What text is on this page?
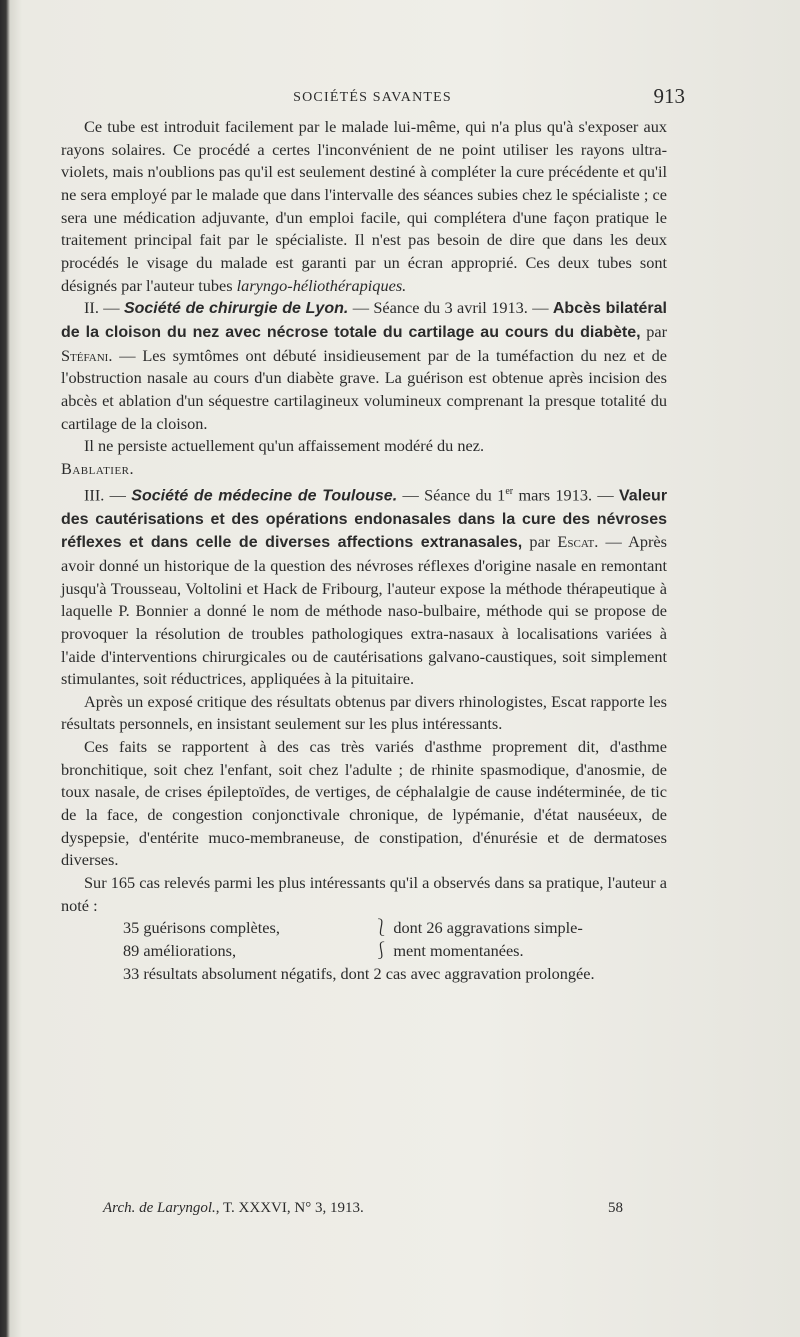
SOCIÉTÉS SAVANTES	913

Ce tube est introduit facilement par le malade lui-même, qui n'a plus qu'à s'exposer aux rayons solaires. Ce procédé a certes l'inconvénient de ne point utiliser les rayons ultra-violets, mais n'oublions pas qu'il est seulement destiné à compléter la cure précédente et qu'il ne sera employé par le malade que dans l'intervalle des séances subies chez le spécialiste ; ce sera une médication adjuvante, d'un emploi facile, qui complétera d'une façon pratique le traitement principal fait par le spécialiste. Il n'est pas besoin de dire que dans les deux procédés le visage du malade est garanti par un écran approprié. Ces deux tubes sont désignés par l'auteur tubes laryngo-héliothérapiques.

II. — Société de chirurgie de Lyon. — Séance du 3 avril 1913. — Abcès bilatéral de la cloison du nez avec nécrose totale du cartilage au cours du diabète, par Stéfani. — Les symtômes ont débuté insidieusement par de la tuméfaction du nez et de l'obstruction nasale au cours d'un diabète grave. La guérison est obtenue après incision des abcès et ablation d'un séquestre cartilagineux volumineux comprenant la presque totalité du cartilage de la cloison.

Il ne persiste actuellement qu'un affaissement modéré du nez.

Bablatier.

III. — Société de médecine de Toulouse. — Séance du 1er mars 1913. — Valeur des cautérisations et des opérations endonasales dans la cure des névroses réflexes et dans celle de diverses affections extranasales, par Escat. — Après avoir donné un historique de la question des névroses réflexes d'origine nasale en remontant jusqu'à Trousseau, Voltolini et Hack de Fribourg, l'auteur expose la méthode thérapeutique à laquelle P. Bonnier a donné le nom de méthode naso-bulbaire, méthode qui se propose de provoquer la résolution de troubles pathologiques extra-nasaux à localisations variées à l'aide d'interventions chirurgicales ou de cautérisations galvano-caustiques, soit simplement stimulantes, soit réductrices, appliquées à la pituitaire.

Après un exposé critique des résultats obtenus par divers rhinologistes, Escat rapporte les résultats personnels, en insistant seulement sur les plus intéressants.

Ces faits se rapportent à des cas très variés d'asthme proprement dit, d'asthme bronchitique, soit chez l'enfant, soit chez l'adulte ; de rhinite spasmodique, d'anosmie, de toux nasale, de crises épileptoïdes, de vertiges, de céphalalgie de cause indéterminée, de tic de la face, de congestion conjonctivale chronique, de lypémanie, d'état nauséeux, de dyspepsie, d'entérite muco-membraneuse, de constipation, d'énurésie et de dermatoses diverses.

Sur 165 cas relevés parmi les plus intéressants qu'il a observés dans sa pratique, l'auteur a noté :

35 guérisons complètes,	⎱ dont 26 aggravations simple-
89 améliorations,	⎰ ment momentanées.
33 résultats absolument négatifs, dont 2 cas avec aggravation prolongée.
Arch. de Laryngol., T. XXXVI, N° 3, 1913.	58
